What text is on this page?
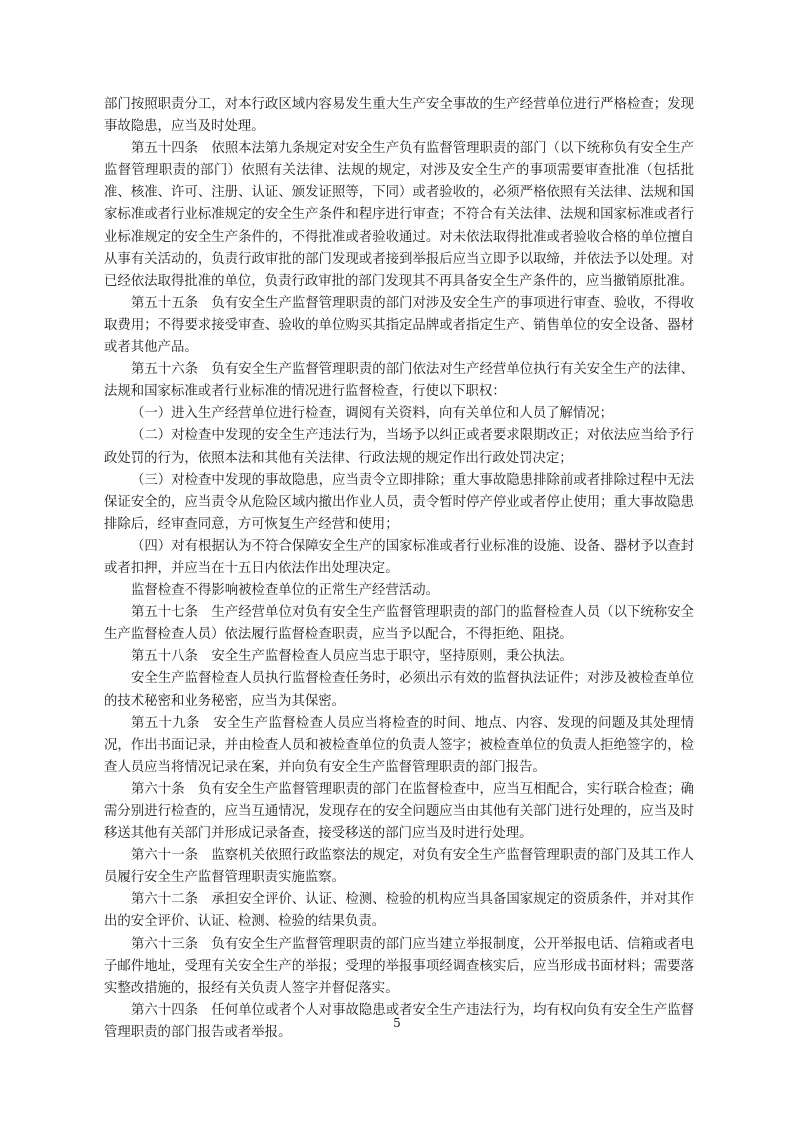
部门按照职责分工，对本行政区域内容易发生重大生产安全事故的生产经营单位进行严格检查；发现事故隐患，应当及时处理。

第五十四条　依照本法第九条规定对安全生产负有监督管理职责的部门（以下统称负有安全生产监督管理职责的部门）依照有关法律、法规的规定，对涉及安全生产的事项需要审查批准（包括批准、核准、许可、注册、认证、颁发证照等，下同）或者验收的，必须严格依照有关法律、法规和国家标准或者行业标准规定的安全生产条件和程序进行审查；不符合有关法律、法规和国家标准或者行业标准规定的安全生产条件的，不得批准或者验收通过。对未依法取得批准或者验收合格的单位擅自从事有关活动的，负责行政审批的部门发现或者接到举报后应当立即予以取缔，并依法予以处理。对已经依法取得批准的单位，负责行政审批的部门发现其不再具备安全生产条件的，应当撤销原批准。

第五十五条　负有安全生产监督管理职责的部门对涉及安全生产的事项进行审查、验收，不得收取费用；不得要求接受审查、验收的单位购买其指定品牌或者指定生产、销售单位的安全设备、器材或者其他产品。

第五十六条　负有安全生产监督管理职责的部门依法对生产经营单位执行有关安全生产的法律、法规和国家标准或者行业标准的情况进行监督检查，行使以下职权：

（一）进入生产经营单位进行检查，调阅有关资料，向有关单位和人员了解情况；

（二）对检查中发现的安全生产违法行为，当场予以纠正或者要求限期改正；对依法应当给予行政处罚的行为，依照本法和其他有关法律、行政法规的规定作出行政处罚决定；

（三）对检查中发现的事故隐患，应当责令立即排除；重大事故隐患排除前或者排除过程中无法保证安全的，应当责令从危险区域内撤出作业人员，责令暂时停产停业或者停止使用；重大事故隐患排除后，经审查同意，方可恢复生产经营和使用；

（四）对有根据认为不符合保障安全生产的国家标准或者行业标准的设施、设备、器材予以查封或者扣押，并应当在十五日内依法作出处理决定。

监督检查不得影响被检查单位的正常生产经营活动。

第五十七条　生产经营单位对负有安全生产监督管理职责的部门的监督检查人员（以下统称安全生产监督检查人员）依法履行监督检查职责，应当予以配合，不得拒绝、阻挠。

第五十八条　安全生产监督检查人员应当忠于职守，坚持原则，秉公执法。

安全生产监督检查人员执行监督检查任务时，必须出示有效的监督执法证件；对涉及被检查单位的技术秘密和业务秘密，应当为其保密。

第五十九条　安全生产监督检查人员应当将检查的时间、地点、内容、发现的问题及其处理情况，作出书面记录，并由检查人员和被检查单位的负责人签字；被检查单位的负责人拒绝签字的，检查人员应当将情况记录在案，并向负有安全生产监督管理职责的部门报告。

第六十条　负有安全生产监督管理职责的部门在监督检查中，应当互相配合，实行联合检查；确需分别进行检查的，应当互通情况，发现存在的安全问题应当由其他有关部门进行处理的，应当及时移送其他有关部门并形成记录备查，接受移送的部门应当及时进行处理。

第六十一条　监察机关依照行政监察法的规定，对负有安全生产监督管理职责的部门及其工作人员履行安全生产监督管理职责实施监察。

第六十二条　承担安全评价、认证、检测、检验的机构应当具备国家规定的资质条件，并对其作出的安全评价、认证、检测、检验的结果负责。

第六十三条　负有安全生产监督管理职责的部门应当建立举报制度，公开举报电话、信箱或者电子邮件地址，受理有关安全生产的举报；受理的举报事项经调查核实后，应当形成书面材料；需要落实整改措施的，报经有关负责人签字并督促落实。

第六十四条　任何单位或者个人对事故隐患或者安全生产违法行为，均有权向负有安全生产监督管理职责的部门报告或者举报。

5
